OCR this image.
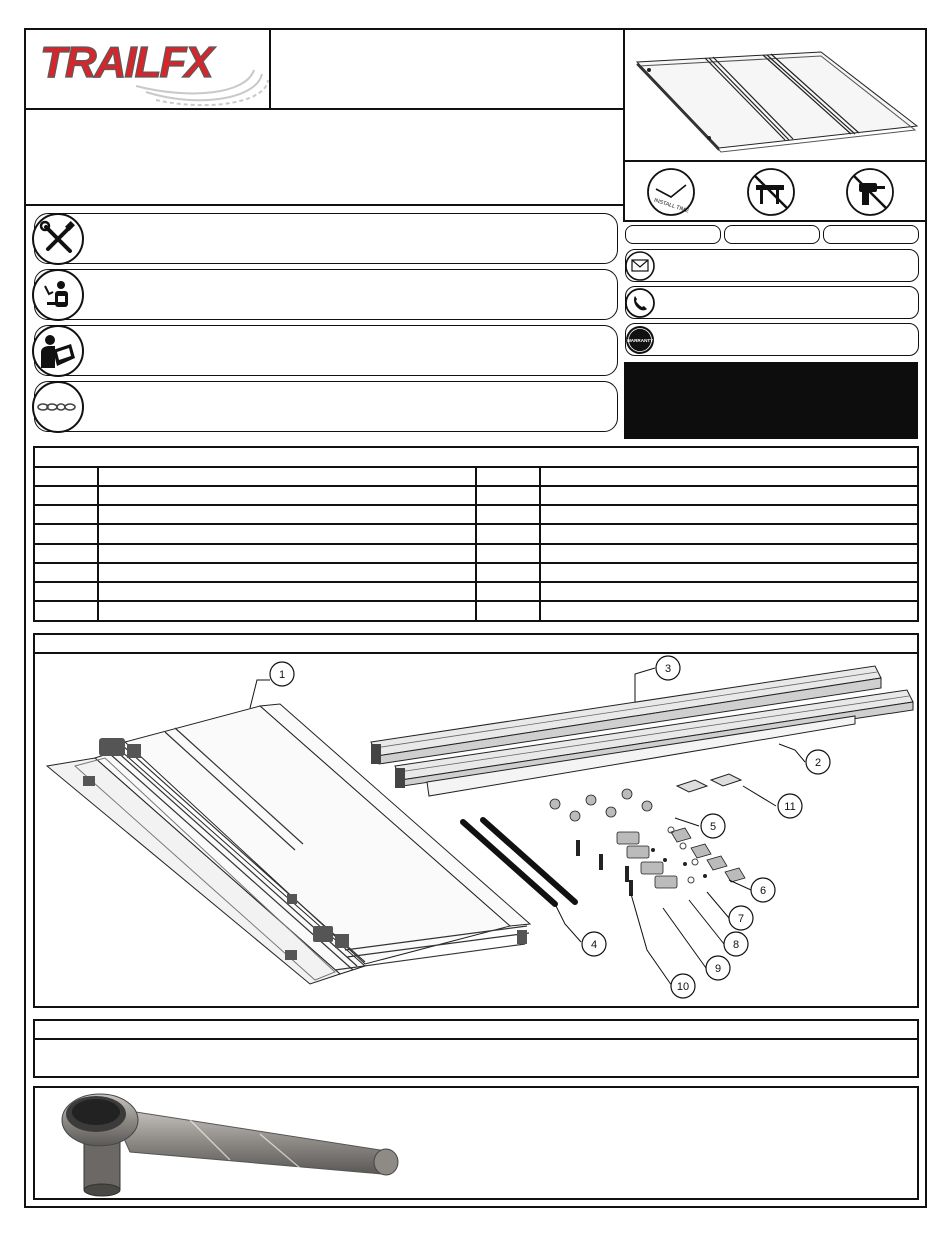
TRAILFX
INSTALL TIME
WARRANTY
1
2
3
4
5
6
7
8
9
10
11
